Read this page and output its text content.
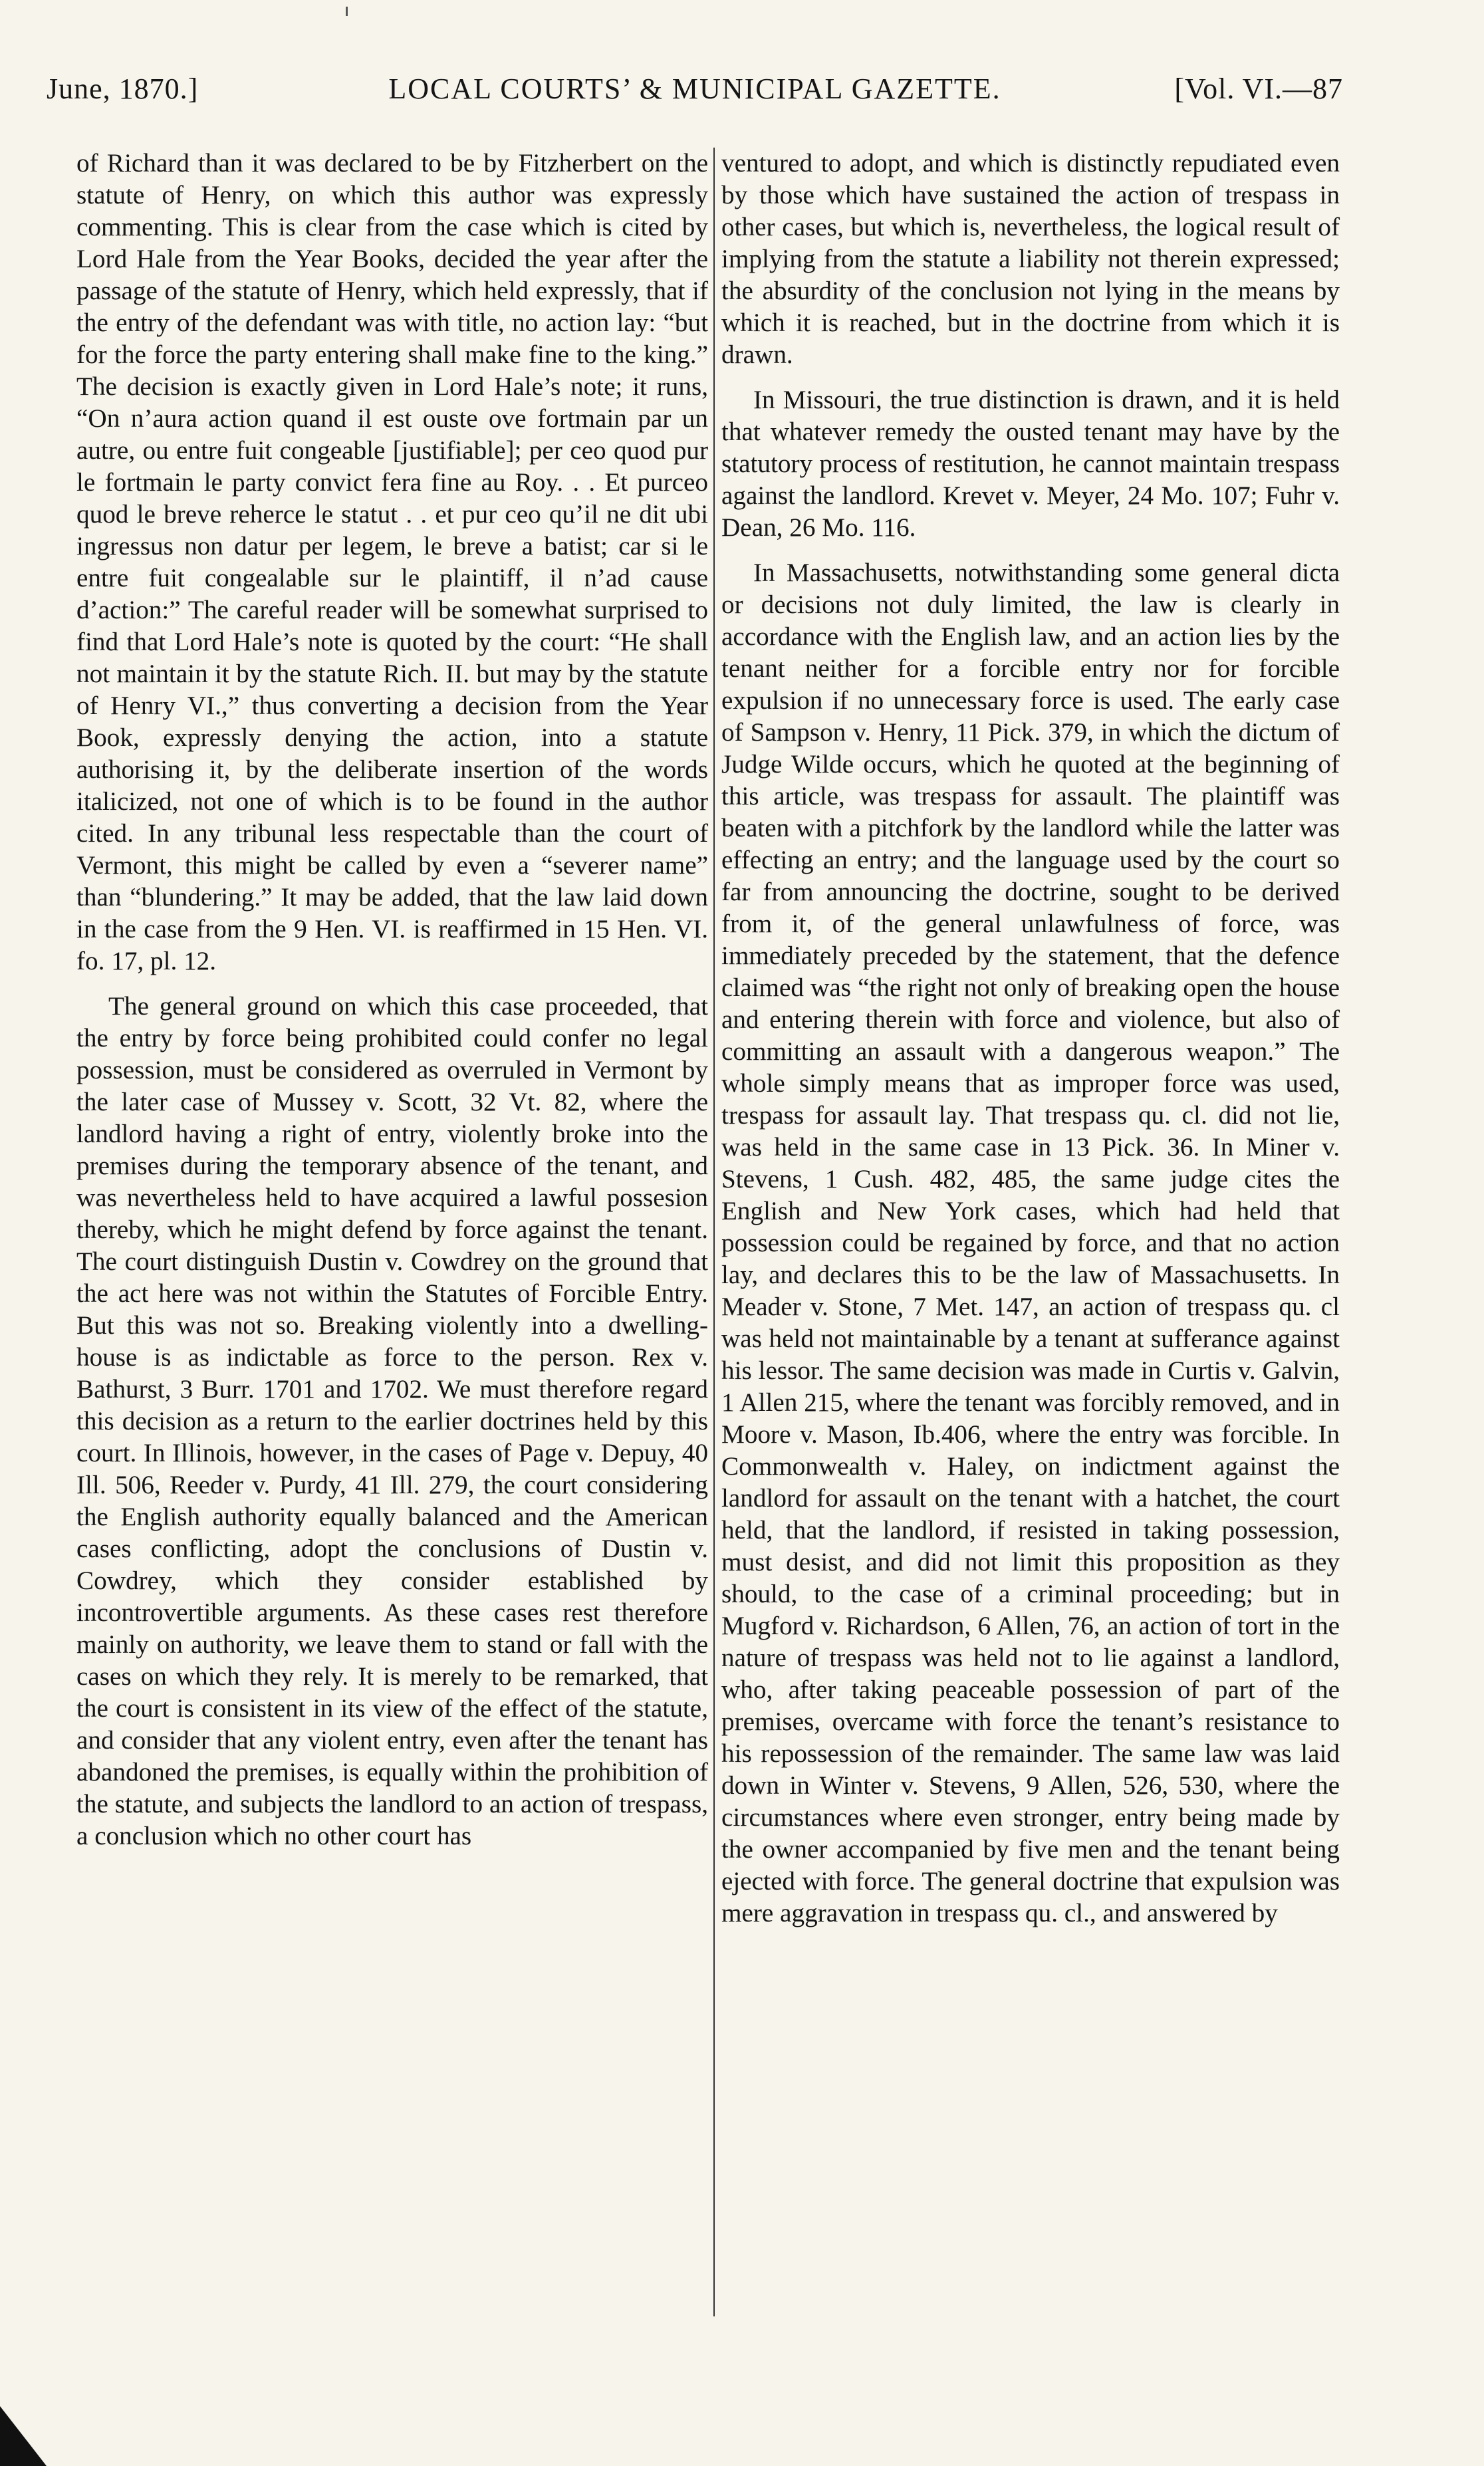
June, 1870.]	LOCAL COURTS’ & MUNICIPAL GAZETTE.	[Vol. VI.—87

of Richard than it was declared to be by Fitzherbert on the statute of Henry, on which this author was expressly commenting. This is clear from the case which is cited by Lord Hale from the Year Books, decided the year after the passage of the statute of Henry, which held expressly, that if the entry of the defendant was with title, no action lay: “but for the force the party entering shall make fine to the king.” The decision is exactly given in Lord Hale’s note; it runs, “On n’aura action quand il est ouste ove fortmain par un autre, ou entre fuit congeable [justifiable]; per ceo quod pur le fortmain le party convict fera fine au Roy. . . Et purceo quod le breve reherce le statut . . et pur ceo qu’il ne dit ubi ingressus non datur per legem, le breve a batist; car si le entre fuit congealable sur le plaintiff, il n’ad cause d’action:” The careful reader will be somewhat surprised to find that Lord Hale’s note is quoted by the court: “He shall not maintain it by the statute Rich. II. but may by the statute of Henry VI.,” thus converting a decision from the Year Book, expressly denying the action, into a statute authorising it, by the deliberate insertion of the words italicized, not one of which is to be found in the author cited. In any tribunal less respectable than the court of Vermont, this might be called by even a “severer name” than “blundering.” It may be added, that the law laid down in the case from the 9 Hen. VI. is reaffirmed in 15 Hen. VI. fo. 17, pl. 12.

The general ground on which this case proceeded, that the entry by force being prohibited could confer no legal possession, must be considered as overruled in Vermont by the later case of Mussey v. Scott, 32 Vt. 82, where the landlord having a right of entry, violently broke into the premises during the temporary absence of the tenant, and was nevertheless held to have acquired a lawful possesion thereby, which he might defend by force against the tenant. The court distinguish Dustin v. Cowdrey on the ground that the act here was not within the Statutes of Forcible Entry. But this was not so. Breaking violently into a dwelling-house is as indictable as force to the person. Rex v. Bathurst, 3 Burr. 1701 and 1702. We must therefore regard this decision as a return to the earlier doctrines held by this court. In Illinois, however, in the cases of Page v. Depuy, 40 Ill. 506, Reeder v. Purdy, 41 Ill. 279, the court considering the English authority equally balanced and the American cases conflicting, adopt the conclusions of Dustin v. Cowdrey, which they consider established by incontrovertible arguments. As these cases rest therefore mainly on authority, we leave them to stand or fall with the cases on which they rely. It is merely to be remarked, that the court is consistent in its view of the effect of the statute, and consider that any violent entry, even after the tenant has abandoned the premises, is equally within the prohibition of the statute, and subjects the landlord to an action of trespass, a conclusion which no other court has

ventured to adopt, and which is distinctly repudiated even by those which have sustained the action of trespass in other cases, but which is, nevertheless, the logical result of implying from the statute a liability not therein expressed; the absurdity of the conclusion not lying in the means by which it is reached, but in the doctrine from which it is drawn.

In Missouri, the true distinction is drawn, and it is held that whatever remedy the ousted tenant may have by the statutory process of restitution, he cannot maintain trespass against the landlord. Krevet v. Meyer, 24 Mo. 107; Fuhr v. Dean, 26 Mo. 116.

In Massachusetts, notwithstanding some general dicta or decisions not duly limited, the law is clearly in accordance with the English law, and an action lies by the tenant neither for a forcible entry nor for forcible expulsion if no unnecessary force is used. The early case of Sampson v. Henry, 11 Pick. 379, in which the dictum of Judge Wilde occurs, which he quoted at the beginning of this article, was trespass for assault. The plaintiff was beaten with a pitchfork by the landlord while the latter was effecting an entry; and the language used by the court so far from announcing the doctrine, sought to be derived from it, of the general unlawfulness of force, was immediately preceded by the statement, that the defence claimed was “the right not only of breaking open the house and entering therein with force and violence, but also of committing an assault with a dangerous weapon.” The whole simply means that as improper force was used, trespass for assault lay. That trespass qu. cl. did not lie, was held in the same case in 13 Pick. 36. In Miner v. Stevens, 1 Cush. 482, 485, the same judge cites the English and New York cases, which had held that possession could be regained by force, and that no action lay, and declares this to be the law of Massachusetts. In Meader v. Stone, 7 Met. 147, an action of trespass qu. cl was held not maintainable by a tenant at sufferance against his lessor. The same decision was made in Curtis v. Galvin, 1 Allen 215, where the tenant was forcibly removed, and in Moore v. Mason, Ib.406, where the entry was forcible. In Commonwealth v. Haley, on indictment against the landlord for assault on the tenant with a hatchet, the court held, that the landlord, if resisted in taking possession, must desist, and did not limit this proposition as they should, to the case of a criminal proceeding; but in Mugford v. Richardson, 6 Allen, 76, an action of tort in the nature of trespass was held not to lie against a landlord, who, after taking peaceable possession of part of the premises, overcame with force the tenant’s resistance to his repossession of the remainder. The same law was laid down in Winter v. Stevens, 9 Allen, 526, 530, where the circumstances where even stronger, entry being made by the owner accompanied by five men and the tenant being ejected with force. The general doctrine that expulsion was mere aggravation in trespass qu. cl., and answered by
